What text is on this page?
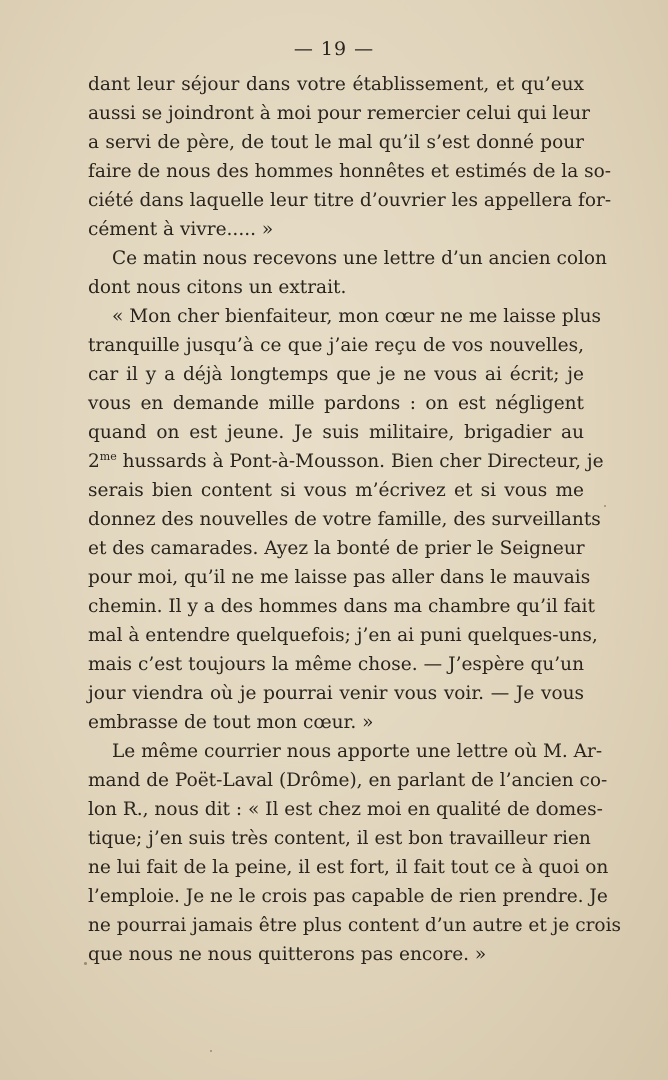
— 19 —
dant leur séjour dans votre établissement, et qu’eux
aussi se joindront à moi pour remercier celui qui leur
a servi de père, de tout le mal qu’il s’est donné pour
faire de nous des hommes honnêtes et estimés de la so-
ciété dans laquelle leur titre d’ouvrier les appellera for-
cément à vivre..... »
Ce matin nous recevons une lettre d’un ancien colon
dont nous citons un extrait.
« Mon cher bienfaiteur, mon cœur ne me laisse plus
tranquille jusqu’à ce que j’aie reçu de vos nouvelles,
car il y a déjà longtemps que je ne vous ai écrit; je
vous en demande mille pardons : on est négligent
quand on est jeune. Je suis militaire, brigadier au
$2^{me}$ hussards à Pont-à-Mousson. Bien cher Directeur, je
serais bien content si vous m’écrivez et si vous me
donnez des nouvelles de votre famille, des surveillants
et des camarades. Ayez la bonté de prier le Seigneur
pour moi, qu’il ne me laisse pas aller dans le mauvais
chemin. Il y a des hommes dans ma chambre qu’il fait
mal à entendre quelquefois; j’en ai puni quelques-uns,
mais c’est toujours la même chose. — J’espère qu’un
jour viendra où je pourrai venir vous voir. — Je vous
embrasse de tout mon cœur. »
Le même courrier nous apporte une lettre où M. Ar-
mand de Poët-Laval (Drôme), en parlant de l’ancien co-
lon R., nous dit : « Il est chez moi en qualité de domes-
tique; j’en suis très content, il est bon travailleur rien
ne lui fait de la peine, il est fort, il fait tout ce à quoi on
l’emploie. Je ne le crois pas capable de rien prendre. Je
ne pourrai jamais être plus content d’un autre et je crois
que nous ne nous quitterons pas encore. »
